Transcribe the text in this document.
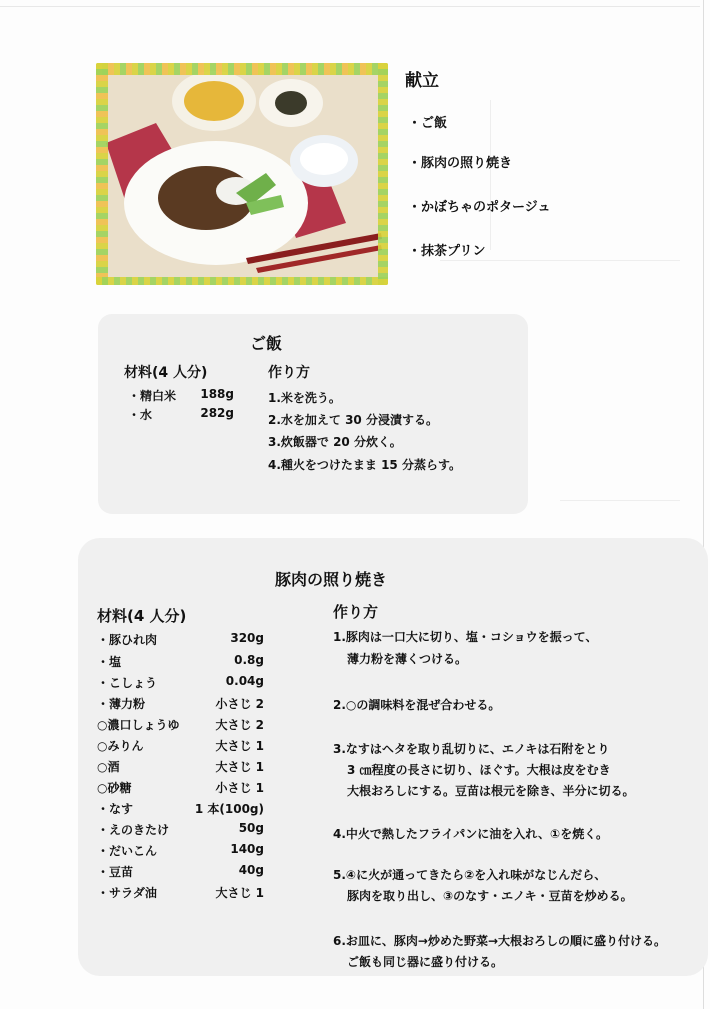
献立
・ご飯
・豚肉の照り焼き
・かぼちゃのポタージュ
・抹茶プリン
ご飯
材料(4 人分)
・精白米	188g
・水	282g
作り方
1.米を洗う。
2.水を加えて 30 分浸漬する。
3.炊飯器で 20 分炊く。
4.種火をつけたまま 15 分蒸らす。
豚肉の照り焼き
材料(4 人分)	作り方
・豚ひれ肉	320g
・塩	0.8g
・こしょう	0.04g
・薄力粉	小さじ 2
○濃口しょうゆ	大さじ 2
○みりん	大さじ 1
○酒	大さじ 1
○砂糖	小さじ 1
・なす	1 本(100g)
・えのきたけ	50g
・だいこん	140g
・豆苗	40g
・サラダ油	大さじ 1
1.豚肉は一口大に切り、塩・コショウを振って、
薄力粉を薄くつける。
2.○の調味料を混ぜ合わせる。
3.なすはヘタを取り乱切りに、エノキは石附をとり
3 ㎝程度の長さに切り、ほぐす。大根は皮をむき
大根おろしにする。豆苗は根元を除き、半分に切る。
4.中火で熱したフライパンに油を入れ、①を焼く。
5.④に火が通ってきたら②を入れ味がなじんだら、
豚肉を取り出し、③のなす・エノキ・豆苗を炒める。
6.お皿に、豚肉→炒めた野菜→大根おろしの順に盛り付ける。
ご飯も同じ器に盛り付ける。
